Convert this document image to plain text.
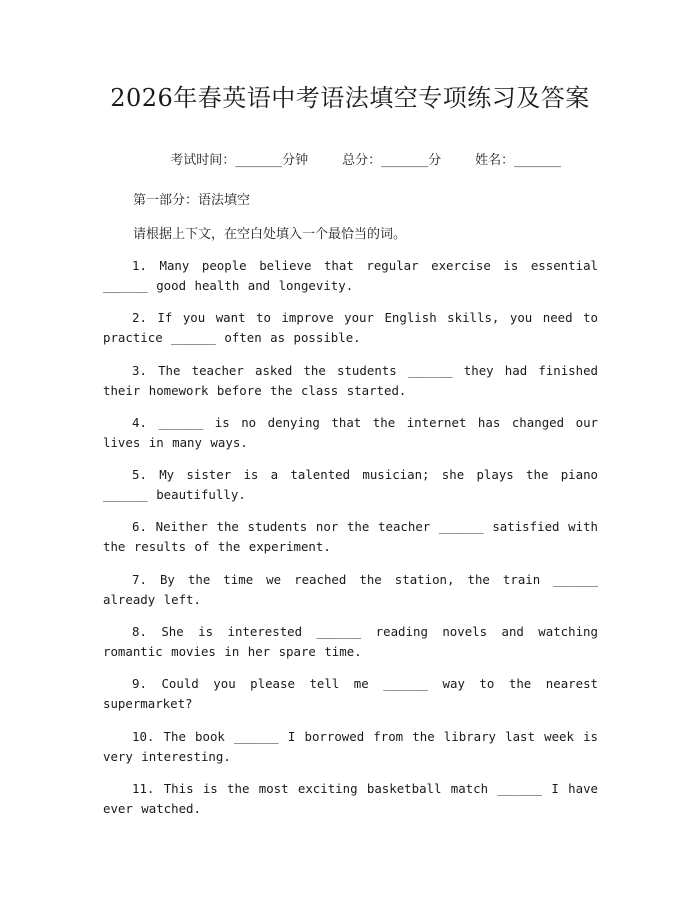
2026年春英语中考语法填空专项练习及答案

考试时间：______分钟	总分：______分	姓名：______

第一部分：语法填空
请根据上下文，在空白处填入一个最恰当的词。
1. Many people believe that regular exercise is essential ______ good health and longevity.
2. If you want to improve your English skills, you need to practice ______ often as possible.
3. The teacher asked the students ______ they had finished their homework before the class started.
4. ______ is no denying that the internet has changed our lives in many ways.
5. My sister is a talented musician; she plays the piano ______ beautifully.
6. Neither the students nor the teacher ______ satisfied with the results of the experiment.
7. By the time we reached the station, the train ______ already left.
8. She is interested ______ reading novels and watching romantic movies in her spare time.
9. Could you please tell me ______ way to the nearest supermarket?
10. The book ______ I borrowed from the library last week is very interesting.
11. This is the most exciting basketball match ______ I have ever watched.
